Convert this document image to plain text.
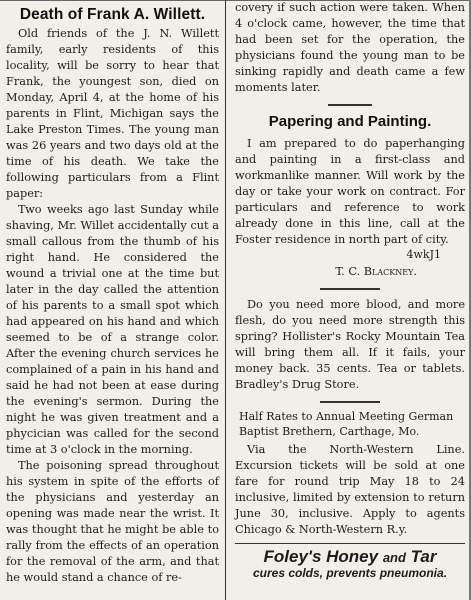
Death of Frank A. Willett.

Old friends of the J. N. Willett family, early residents of this locality, will be sorry to hear that Frank, the youngest son, died on Monday, April 4, at the home of his parents in Flint, Michigan says the Lake Preston Times. The young man was 26 years and two days old at the time of his death. We take the following particulars from a Flint paper:

Two weeks ago last Sunday while shaving, Mr. Willet accidentally cut a small callous from the thumb of his right hand. He considered the wound a trivial one at the time but later in the day called the attention of his parents to a small spot which had appeared on his hand and which seemed to be of a strange color. After the evening church services he complained of a pain in his hand and said he had not been at ease during the evening's sermon. During the night he was given treatment and a phycician was called for the second time at 3 o'clock in the morning.

The poisoning spread throughout his system in spite of the efforts of the physicians and yesterday an opening was made near the wrist. It was thought that he might be able to rally from the effects of an operation for the removal of the arm, and that he would stand a chance of re-

covery if such action were taken. When 4 o'clock came, however, the time that had been set for the operation, the physicians found the young man to be sinking rapidly and death came a few moments later.

Papering and Painting.

I am prepared to do paperhanging and painting in a first-class and workmanlike manner. Will work by the day or take your work on contract. For particulars and reference to work already done in this line, call at the Foster residence in north part of city.

4wkJ1
T. C. Blackney.

Do you need more blood, and more flesh, do you need more strength this spring? Hollister's Rocky Mountain Tea will bring them all. If it fails, your money back. 35 cents. Tea or tablets. Bradley's Drug Store.

Half Rates to Annual Meeting German Baptist Brethern, Carthage, Mo.

Via the North-Western Line. Excursion tickets will be sold at one fare for round trip May 18 to 24 inclusive, limited by extension to return June 30, inclusive. Apply to agents Chicago & North-Western R.y.

Foley's Honey and Tar
cures colds, prevents pneumonia.
